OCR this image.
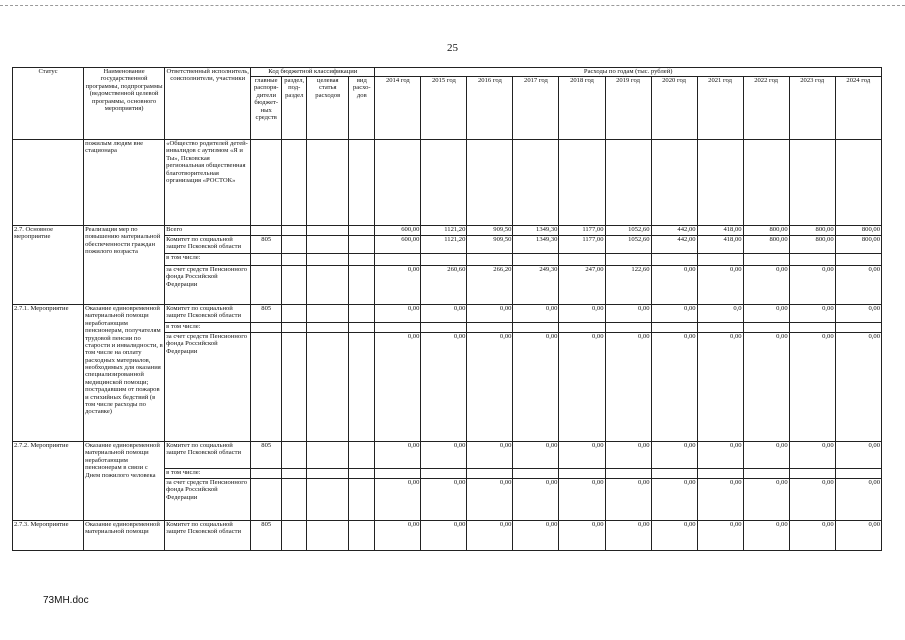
25
Статус	Наименование государственной программы, подпрограммы (ведомственной целевой программы, основного мероприятия)	Ответственный исполнитель, соисполнители, участники	Код бюджетной классификации				Расходы по годам (тыс. рублей)										
			главные распоря-дители бюджет-ных средств	раздел, под-раздел	целевая статья расходов	вид расхо-дов	2014 год	2015 год	2016 год	2017 год	2018 год	2019 год	2020 год	2021 год	2022 год	2023 год	2024 год
	пожилым людям вне стационара	«Общество родителей детей-инвалидов с аутизмом «Я и Ты», Псковская региональная общественная благотворительная организация «РОСТОК»															
2.7. Основное мероприятие	Реализация мер по повышению материальной обеспеченности граждан пожилого возраста	Всего					600,00	1121,20	909,50	1349,30	1177,00	1052,60	442,00	418,00	800,00	800,00	800,00
		Комитет по социальной защите Псковской области	805				600,00	1121,20	909,50	1349,30	1177,00	1052,60	442,00	418,00	800,00	800,00	800,00
		в том числе:															
		за счет средств Пенсионного фонда Российской Федерации					0,00	260,60	266,20	249,30	247,00	122,60	0,00	0,00	0,00	0,00	0,00
2.7.1. Мероприятие	Оказание единовременной материальной помощи неработающим пенсионерам, получателям трудовой пенсии по старости и инвалидности, в том числе на оплату расходных материалов, необходимых для оказания специализированной медицинской помощи; пострадавшим от пожаров и стихийных бедствий (в том числе расходы по доставке)	Комитет по социальной защите Псковской области	805				0,00	0,00	0,00	0,00	0,00	0,00	0,00	0,0	0,00	0,00	0,00
		в том числе:															
		за счет средств Пенсионного фонда Российской Федерации					0,00	0,00	0,00	0,00	0,00	0,00	0,00	0,00	0,00	0,00	0,00
2.7.2. Мероприятие	Оказание единовременной материальной помощи неработающим пенсионерам в связи с Днем пожилого человека	Комитет по социальной защите Псковской области	805				0,00	0,00	0,00	0,00	0,00	0,00	0,00	0,00	0,00	0,00	0,00
		в том числе:															
		за счет средств Пенсионного фонда Российской Федерации					0,00	0,00	0,00	0,00	0,00	0,00	0,00	0,00	0,00	0,00	0,00
2.7.3. Мероприятие	Оказание единовременной материальной помощи	Комитет по социальной защите Псковской области	805				0,00	0,00	0,00	0,00	0,00	0,00	0,00	0,00	0,00	0,00	0,00
73MH.doc
